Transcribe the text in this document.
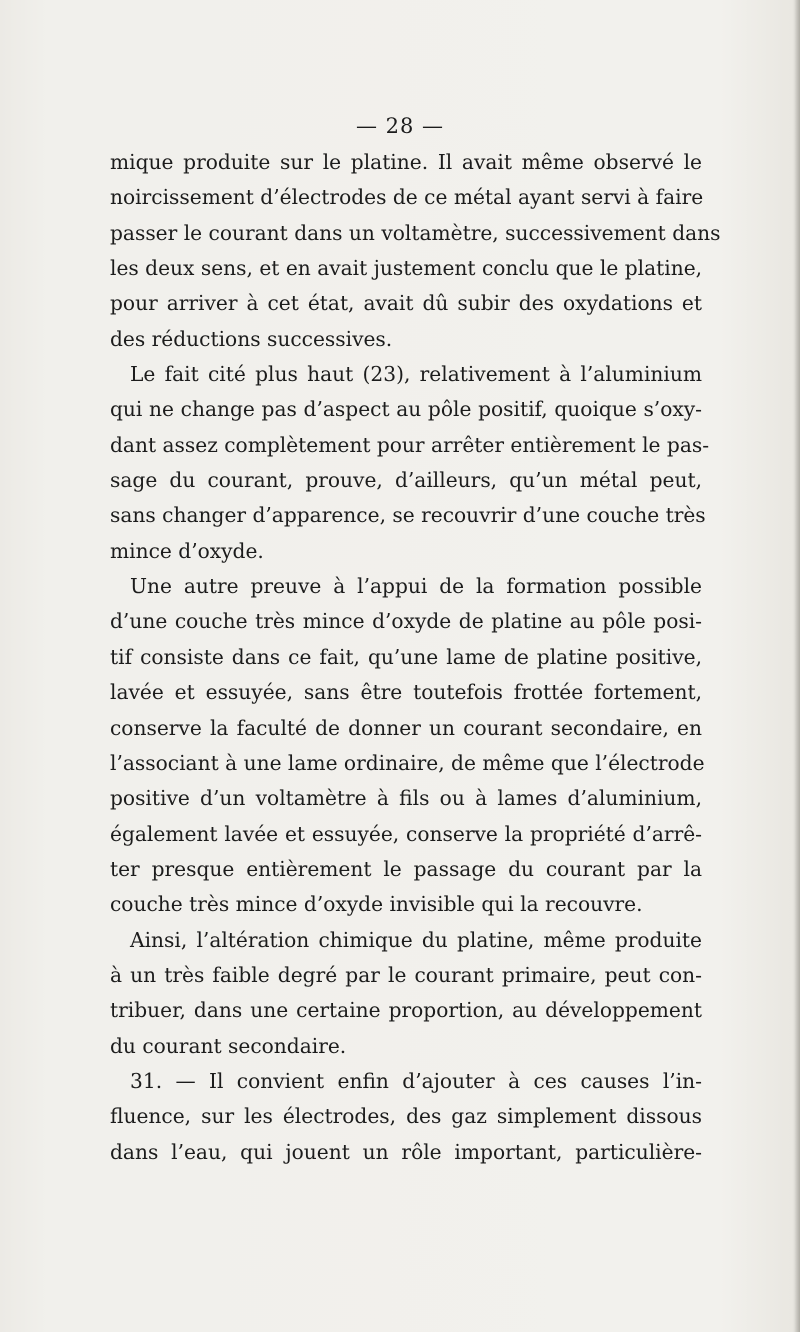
— 28 —
mique produite sur le platine. Il avait même observé le
noircissement d’électrodes de ce métal ayant servi à faire
passer le courant dans un voltamètre, successivement dans
les deux sens, et en avait justement conclu que le platine,
pour arriver à cet état, avait dû subir des oxydations et
des réductions successives.
Le fait cité plus haut (23), relativement à l’aluminium
qui ne change pas d’aspect au pôle positif, quoique s’oxy-
dant assez complètement pour arrêter entièrement le pas-
sage du courant, prouve, d’ailleurs, qu’un métal peut,
sans changer d’apparence, se recouvrir d’une couche très
mince d’oxyde.
Une autre preuve à l’appui de la formation possible
d’une couche très mince d’oxyde de platine au pôle posi-
tif consiste dans ce fait, qu’une lame de platine positive,
lavée et essuyée, sans être toutefois frottée fortement,
conserve la faculté de donner un courant secondaire, en
l’associant à une lame ordinaire, de même que l’électrode
positive d’un voltamètre à fils ou à lames d’aluminium,
également lavée et essuyée, conserve la propriété d’arrê-
ter presque entièrement le passage du courant par la
couche très mince d’oxyde invisible qui la recouvre.
Ainsi, l’altération chimique du platine, même produite
à un très faible degré par le courant primaire, peut con-
tribuer, dans une certaine proportion, au développement
du courant secondaire.
31. — Il convient enfin d’ajouter à ces causes l’in-
fluence, sur les électrodes, des gaz simplement dissous
dans l’eau, qui jouent un rôle important, particulière-
